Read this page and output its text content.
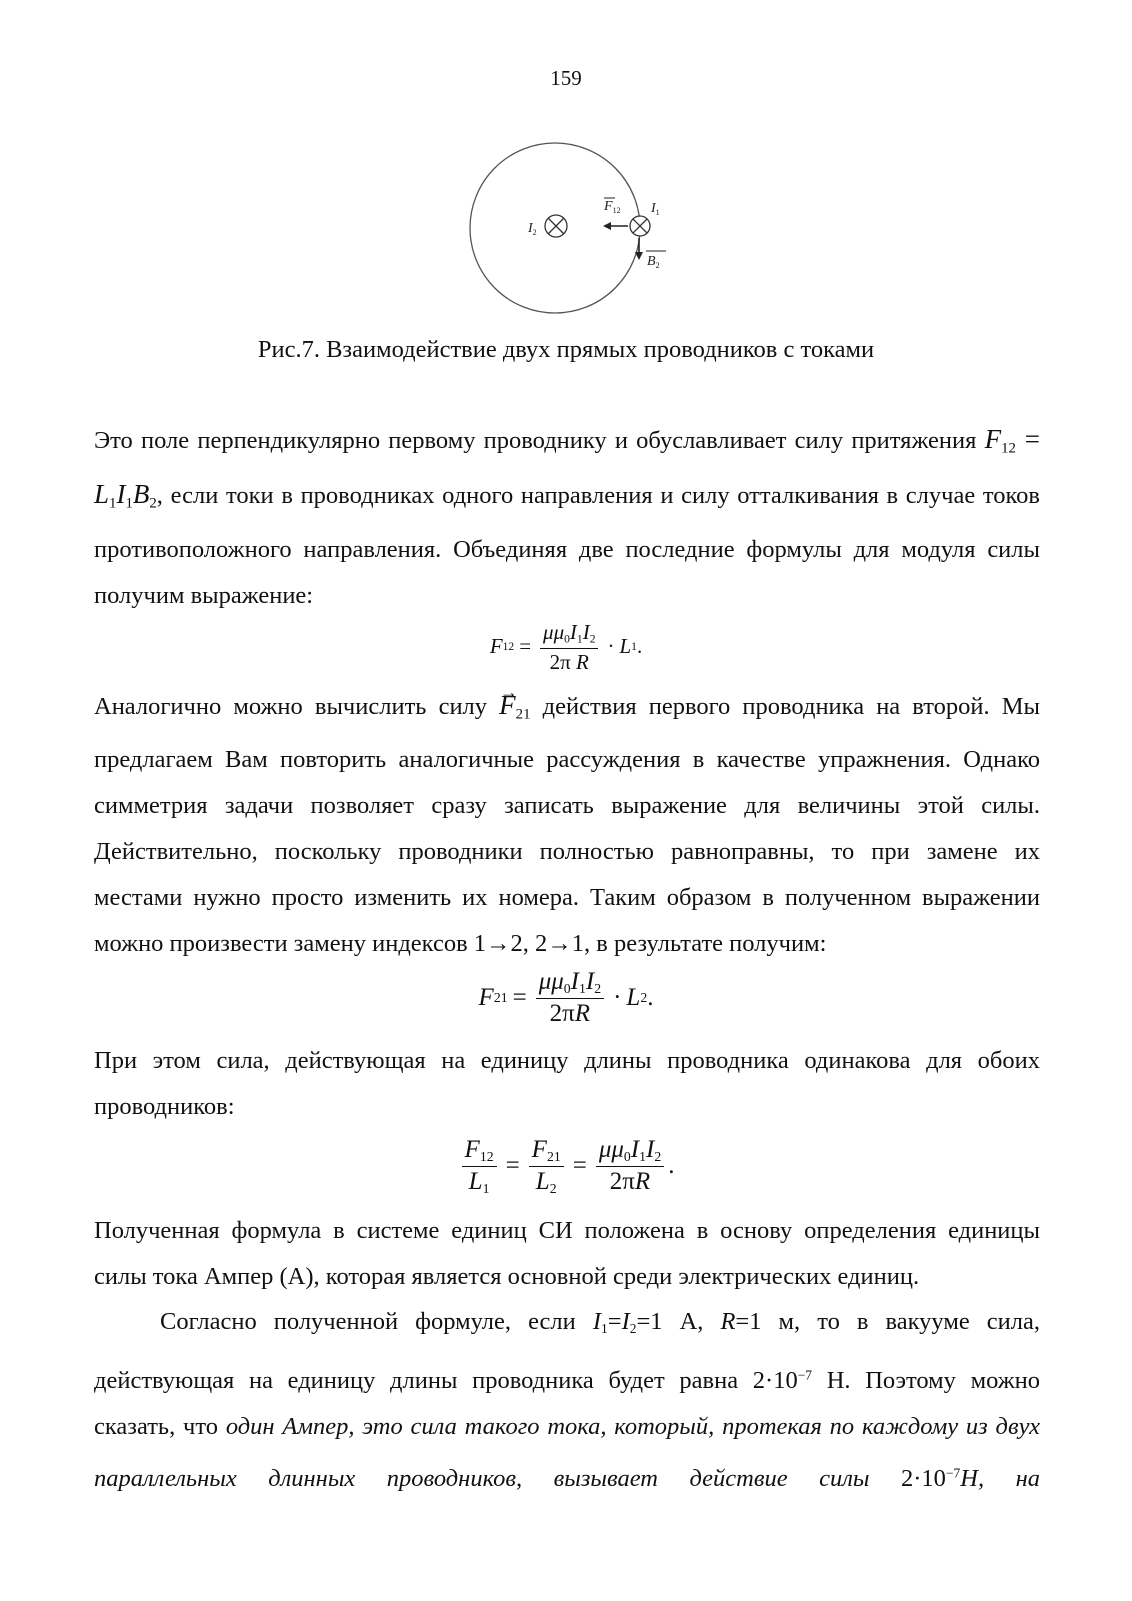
159
$I_2$
$F_{12}$ $I_1$
$B_2$
Рис.7. Взаимодействие двух прямых проводников с токами
Это поле перпендикулярно первому проводнику и обуславливает силу притяжения $F_{12} = L_1I_1B_2$, если токи в проводниках одного направления и силу отталкивания в случае токов противоположного направления. Объединяя две последние формулы для модуля силы получим выражение:
F $12 = \frac{\mu\mu_0I_1I_2}{\text{2π R}} \cdot L$ 1 .
Аналогично можно вычислить силу $F \to_{21}$ действия первого проводника на второй. Мы предлагаем Вам повторить аналогичные рассуждения в качестве упражнения. Однако симметрия задачи позволяет сразу записать выражение для величины этой силы. Действительно, поскольку проводники полностью равноправны, то при замене их местами нужно просто изменить их номера. Таким образом в полученном выражении можно произвести замену индексов 1→2, 2→1, в результате получим:
F $21 = \frac{\mu\mu_0I_1I_2}{2\pi R} \cdot L$ 2 .
При этом сила, действующая на единицу длины проводника одинакова для обоих проводников:
$\frac{F_{12}}{L_1} = \frac{F_{21}}{L_2} = \frac{\mu\mu_0I_1I_2}{2\pi R}$ .
Полученная формула в системе единиц СИ положена в основу определения единицы силы тока Ампер (А), которая является основной среди электрических единиц.
Согласно полученной формуле, если $I_1=I_2=1$ А, R=1 м, то в вакууме сила, действующая на единицу длины проводника будет равна $2\cdot 10^{-7}$ Н. Поэтому можно сказать, что один Ампер, это сила такого тока, который, протекая по каждому из двух параллельных длинных проводников, вызывает действие силы $2\cdot 10^{-7}Н$, на
